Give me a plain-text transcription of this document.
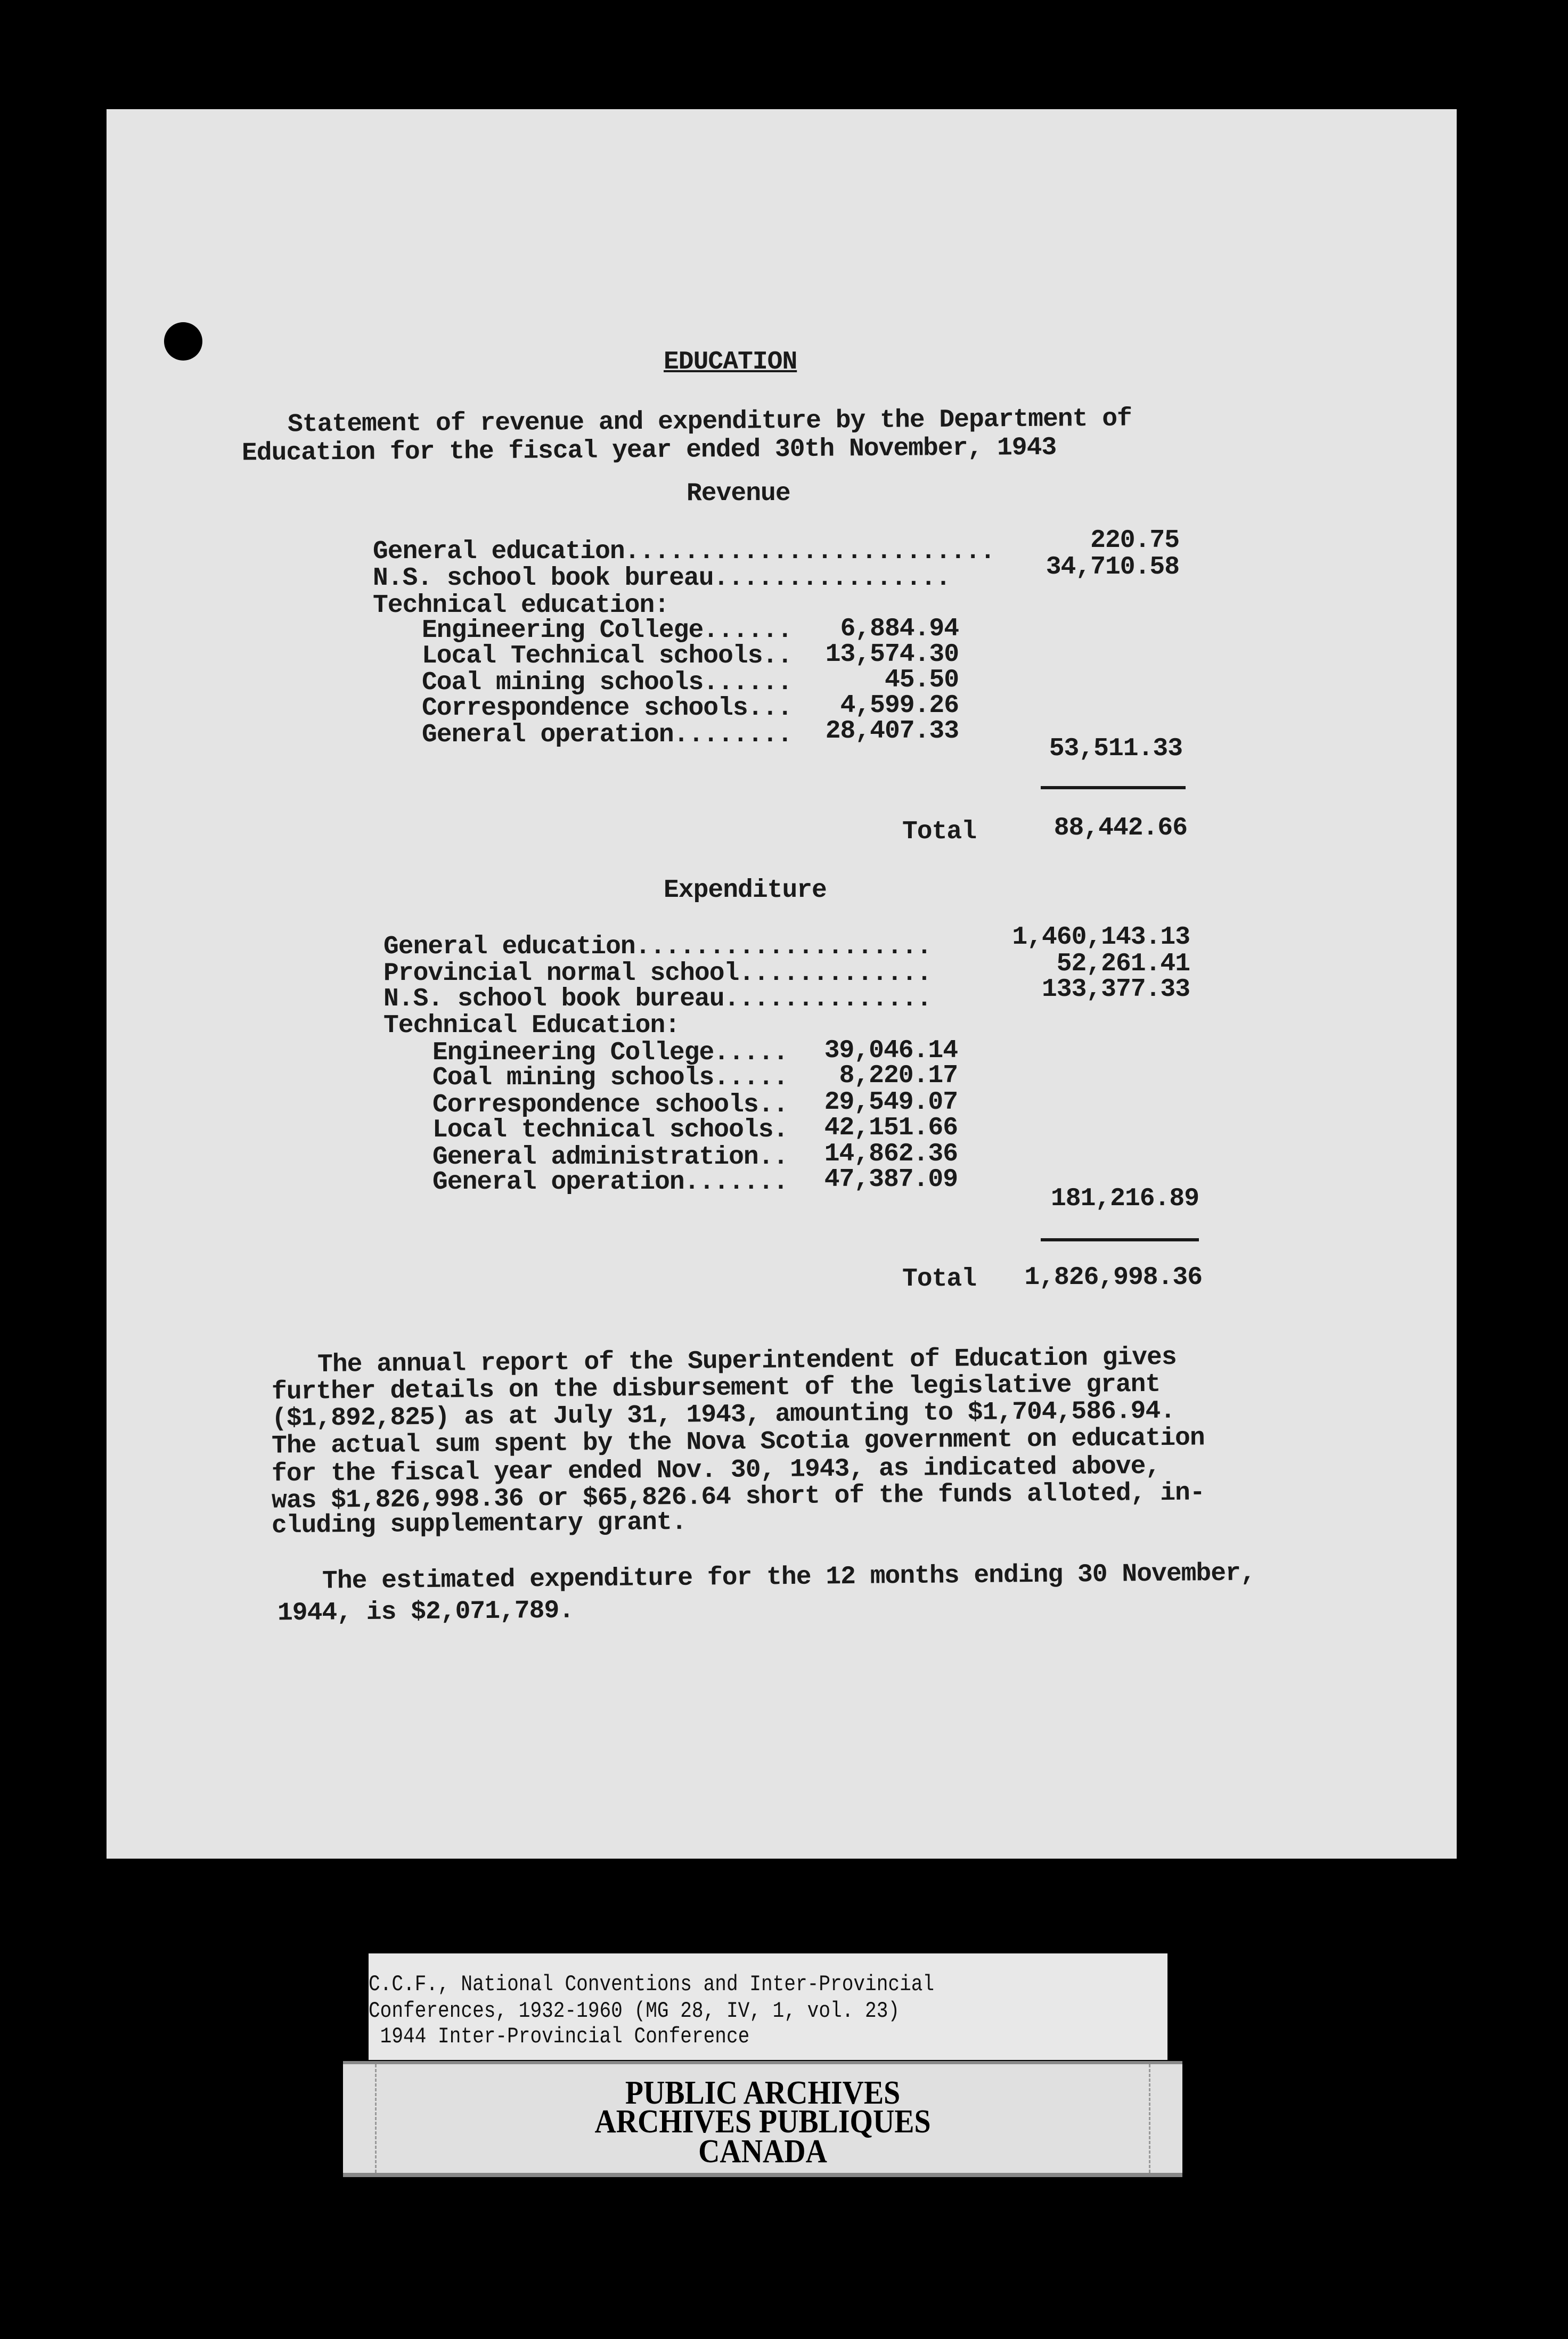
EDUCATION
Statement of revenue and expenditure by the Department of
Education for the fiscal year ended 30th November, 1943
Revenue
General education.........................	220.75
N.S. school book bureau................	34,710.58
Technical education:
Engineering College...... 6,884.94
Local Technical schools.. 13,574.30
Coal mining schools......	45.50
Correspondence schools... 4,599.26
General operation........ 28,407.33
53,511.33
Total	88,442.66
Expenditure
General education....................	1,460,143.13
Provincial normal school.............	52,261.41
N.S. school book bureau..............	133,377.33
Technical Education:
Engineering College..... 39,046.14
Coal mining schools..... 8,220.17
Correspondence schools.. 29,549.07
Local technical schools. 42,151.66
General administration.. 14,862.36
General operation....... 47,387.09
181,216.89
Total 1,826,998.36
The annual report of the Superintendent of Education gives
further details on the disbursement of the legislative grant
($1,892,825) as at July 31, 1943, amounting to $1,704,586.94.
The actual sum spent by the Nova Scotia government on education
for the fiscal year ended Nov. 30, 1943, as indicated above,
was $1,826,998.36 or $65,826.64 short of the funds alloted, in-
cluding supplementary grant.
The estimated expenditure for the 12 months ending 30 November,
1944, is $2,071,789.
C.C.F., National Conventions and Inter-Provincial
Conferences, 1932-1960 (MG 28, IV, 1, vol. 23)
1944 Inter-Provincial Conference
PUBLIC ARCHIVES
ARCHIVES PUBLIQUES
CANADA
